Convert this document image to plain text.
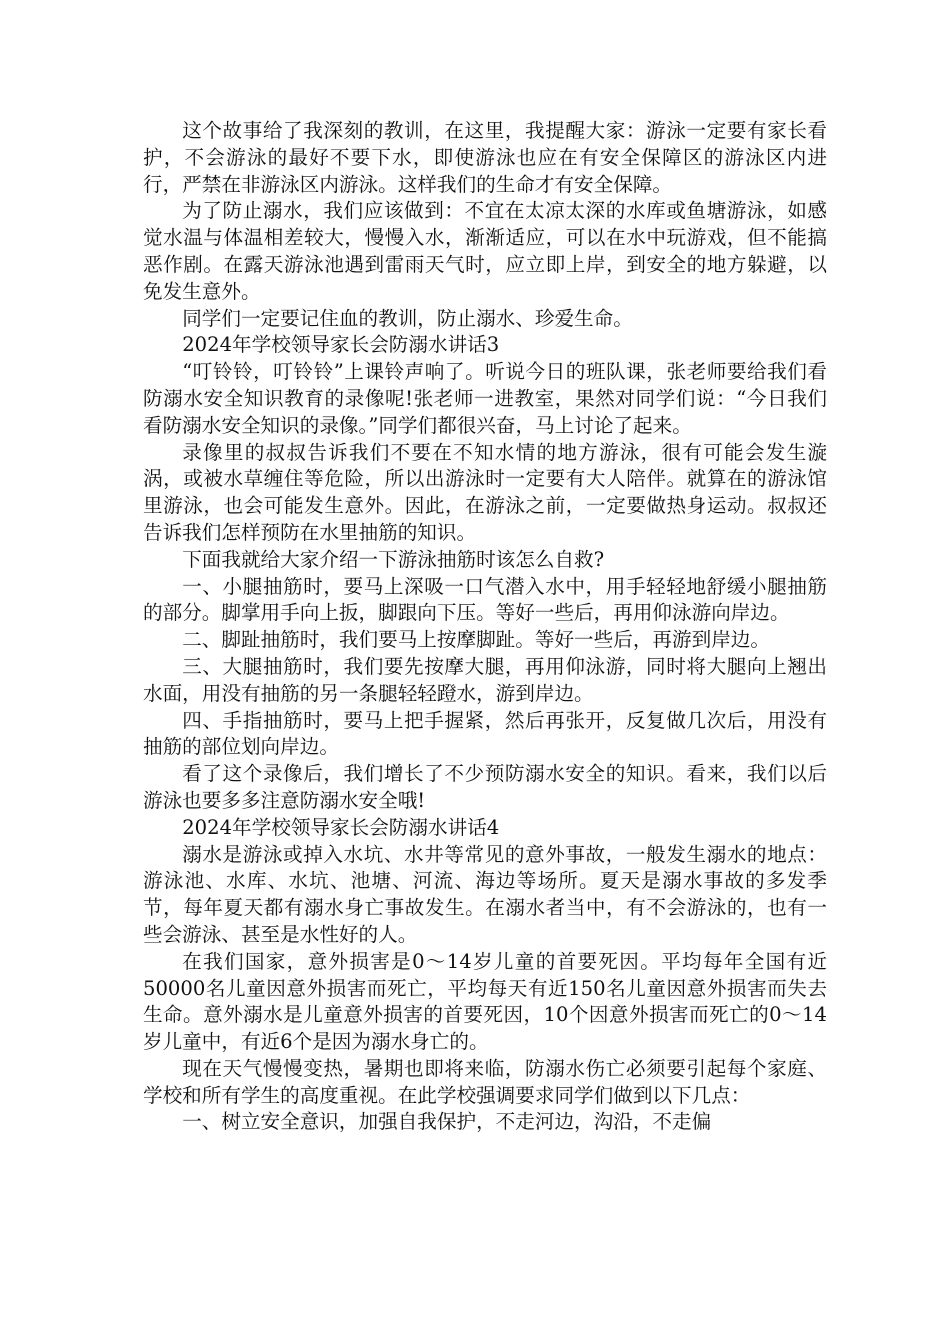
这个故事给了我深刻的教训，在这里，我提醒大家：游泳一定要有家长看护，不会游泳的最好不要下水，即使游泳也应在有安全保障区的游泳区内进行，严禁在非游泳区内游泳。这样我们的生命才有安全保障。

为了防止溺水，我们应该做到：不宜在太凉太深的水库或鱼塘游泳，如感觉水温与体温相差较大，慢慢入水，渐渐适应，可以在水中玩游戏，但不能搞恶作剧。在露天游泳池遇到雷雨天气时，应立即上岸，到安全的地方躲避，以免发生意外。

同学们一定要记住血的教训，防止溺水、珍爱生命。

2024年学校领导家长会防溺水讲话3

“叮铃铃，叮铃铃”上课铃声响了。听说今日的班队课，张老师要给我们看防溺水安全知识教育的录像呢!张老师一进教室，果然对同学们说：“今日我们看防溺水安全知识的录像。”同学们都很兴奋，马上讨论了起来。

录像里的叔叔告诉我们不要在不知水情的地方游泳，很有可能会发生漩涡，或被水草缠住等危险，所以出游泳时一定要有大人陪伴。就算在的游泳馆里游泳，也会可能发生意外。因此，在游泳之前，一定要做热身运动。叔叔还告诉我们怎样预防在水里抽筋的知识。

下面我就给大家介绍一下游泳抽筋时该怎么自救?

一、小腿抽筋时，要马上深吸一口气潜入水中，用手轻轻地舒缓小腿抽筋的部分。脚掌用手向上扳，脚跟向下压。等好一些后，再用仰泳游向岸边。

二、脚趾抽筋时，我们要马上按摩脚趾。等好一些后，再游到岸边。

三、大腿抽筋时，我们要先按摩大腿，再用仰泳游，同时将大腿向上翘出水面，用没有抽筋的另一条腿轻轻蹬水，游到岸边。

四、手指抽筋时，要马上把手握紧，然后再张开，反复做几次后，用没有抽筋的部位划向岸边。

看了这个录像后，我们增长了不少预防溺水安全的知识。看来，我们以后游泳也要多多注意防溺水安全哦!

2024年学校领导家长会防溺水讲话4

溺水是游泳或掉入水坑、水井等常见的意外事故，一般发生溺水的地点：游泳池、水库、水坑、池塘、河流、海边等场所。夏天是溺水事故的多发季节，每年夏天都有溺水身亡事故发生。在溺水者当中，有不会游泳的，也有一些会游泳、甚至是水性好的人。

在我们国家，意外损害是0～14岁儿童的首要死因。平均每年全国有近50000名儿童因意外损害而死亡，平均每天有近150名儿童因意外损害而失去生命。意外溺水是儿童意外损害的首要死因，10个因意外损害而死亡的0～14岁儿童中，有近6个是因为溺水身亡的。

现在天气慢慢变热，暑期也即将来临，防溺水伤亡必须要引起每个家庭、学校和所有学生的高度重视。在此学校强调要求同学们做到以下几点：

一、树立安全意识，加强自我保护，不走河边，沟沿，不走偏
